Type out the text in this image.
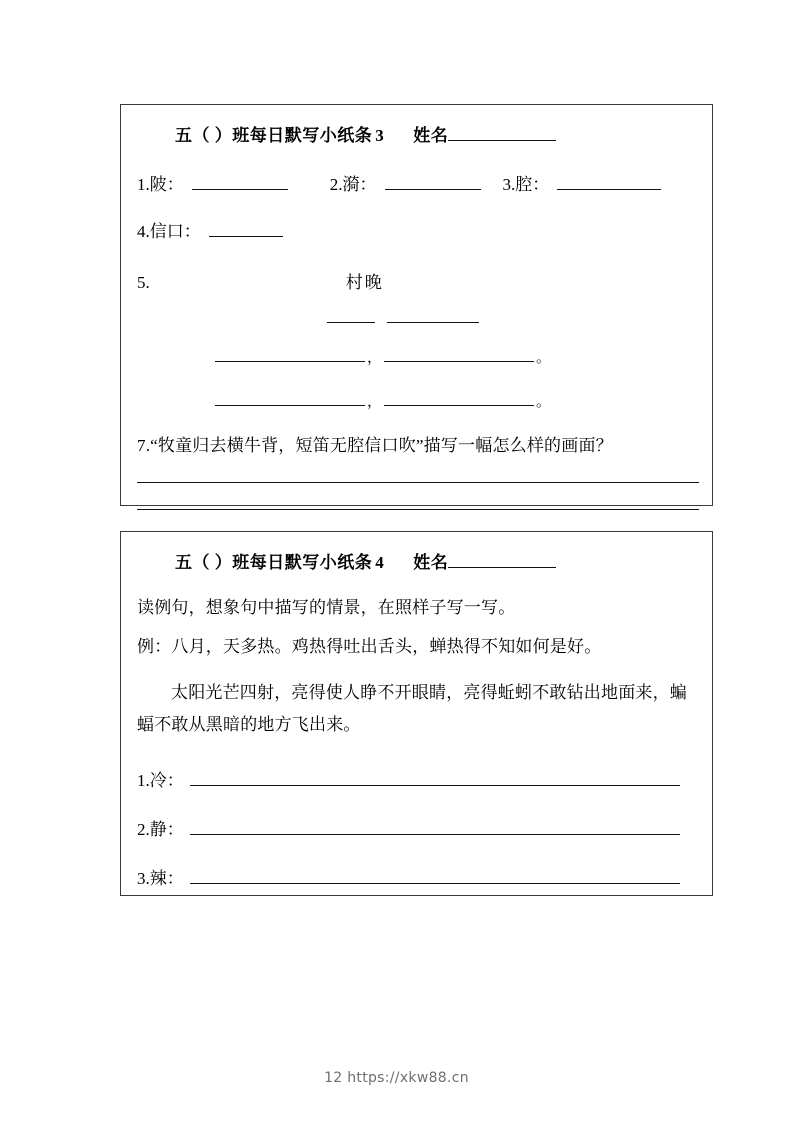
五（ ）班每日默写小纸条 3 姓名
1.陂：	2.漪：	3.腔：
4.信口：
5.	村晚
，	。
，	。
7.“牧童归去横牛背，短笛无腔信口吹”描写一幅怎么样的画面？
五（ ）班每日默写小纸条 4 姓名
读例句，想象句中描写的情景，在照样子写一写。
例：八月，天多热。鸡热得吐出舌头，蝉热得不知如何是好。
太阳光芒四射，亮得使人睁不开眼睛，亮得蚯蚓不敢钻出地面来，蝙蝠不敢从黑暗的地方飞出来。
1.冷：
2.静：
3.辣：
12 https://xkw88.cn
